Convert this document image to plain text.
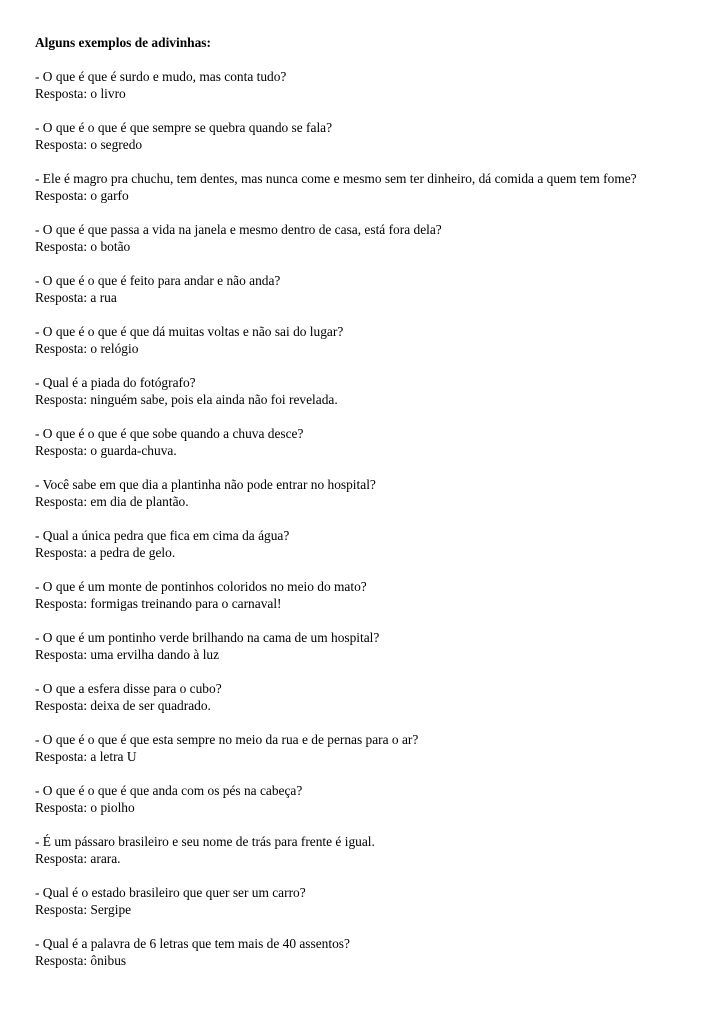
Alguns exemplos de adivinhas:
- O que é que é surdo e mudo, mas conta tudo?
Resposta: o livro
- O que é o que é que sempre se quebra quando se fala?
Resposta: o segredo
- Ele é magro pra chuchu, tem dentes, mas nunca come e mesmo sem ter dinheiro, dá comida a quem tem fome?
Resposta: o garfo
- O que é que passa a vida na janela e mesmo dentro de casa, está fora dela?
Resposta: o botão
- O que é o que é feito para andar e não anda?
Resposta: a rua
- O que é o que é que dá muitas voltas e não sai do lugar?
Resposta: o relógio
- Qual é a piada do fotógrafo?
Resposta: ninguém sabe, pois ela ainda não foi revelada.
- O que é o que é que sobe quando a chuva desce?
Resposta: o guarda-chuva.
- Você sabe em que dia a plantinha não pode entrar no hospital?
Resposta: em dia de plantão.
- Qual a única pedra que fica em cima da água?
Resposta: a pedra de gelo.
- O que é um monte de pontinhos coloridos no meio do mato?
Resposta: formigas treinando para o carnaval!
- O que é um pontinho verde brilhando na cama de um hospital?
Resposta: uma ervilha dando à luz
- O que a esfera disse para o cubo?
Resposta: deixa de ser quadrado.
- O que é o que é que esta sempre no meio da rua e de pernas para o ar?
Resposta: a letra U
- O que é o que é que anda com os pés na cabeça?
Resposta: o piolho
- É um pássaro brasileiro e seu nome de trás para frente é igual.
Resposta: arara.
- Qual é o estado brasileiro que quer ser um carro?
Resposta: Sergipe
- Qual é a palavra de 6 letras que tem mais de 40 assentos?
Resposta: ônibus
